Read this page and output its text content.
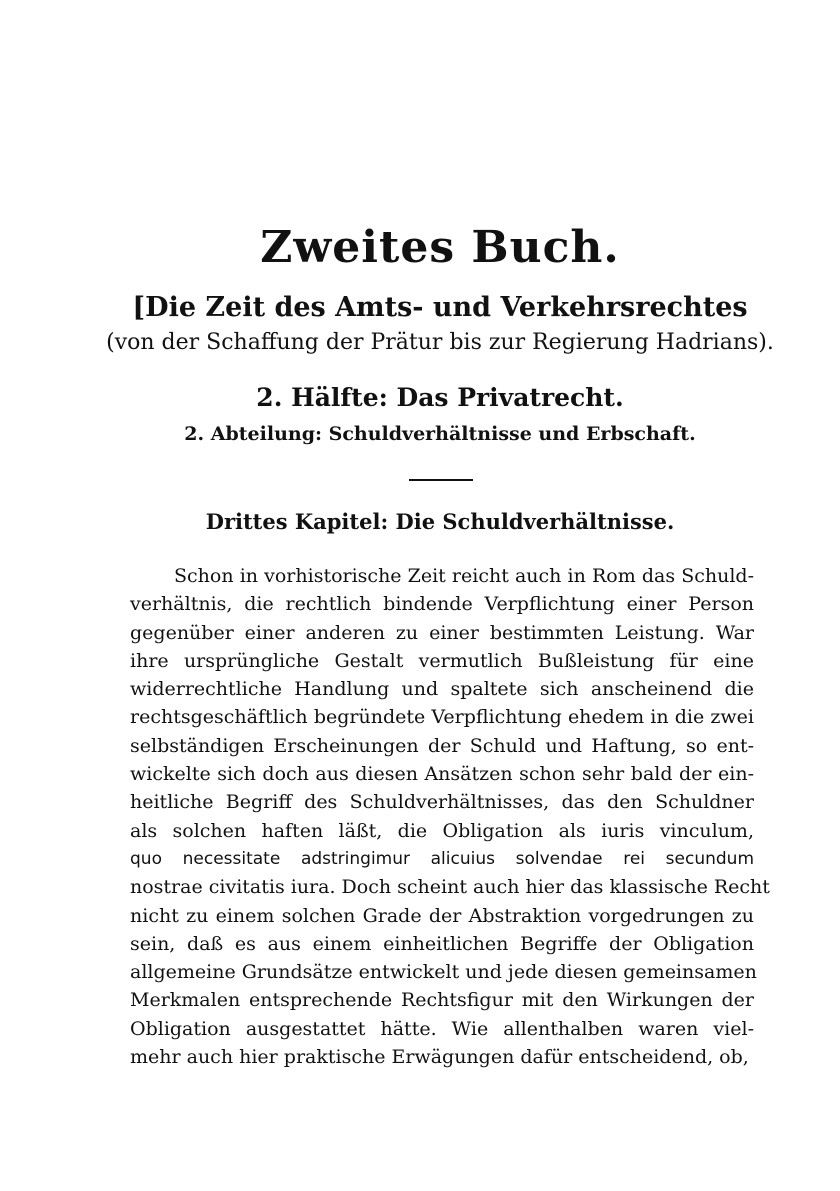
Zweites Buch.
[Die Zeit des Amts- und Verkehrsrechtes
(von der Schaffung der Prätur bis zur Regierung Hadrians).
2. Hälfte: Das Privatrecht.
2. Abteilung: Schuldverhältnisse und Erbschaft.
Drittes Kapitel: Die Schuldverhältnisse.
Schon in vorhistorische Zeit reicht auch in Rom das Schuld-
verhältnis, die rechtlich bindende Verpflichtung einer Person
gegenüber einer anderen zu einer bestimmten Leistung. War
ihre ursprüngliche Gestalt vermutlich Bußleistung für eine
widerrechtliche Handlung und spaltete sich anscheinend die
rechtsgeschäftlich begründete Verpflichtung ehedem in die zwei
selbständigen Erscheinungen der Schuld und Haftung, so ent-
wickelte sich doch aus diesen Ansätzen schon sehr bald der ein-
heitliche Begriff des Schuldverhältnisses, das den Schuldner
als solchen haften läßt, die Obligation als iuris vinculum,
quo necessitate adstringimur alicuius solvendae rei secundum
nostrae civitatis iura. Doch scheint auch hier das klassische Recht
nicht zu einem solchen Grade der Abstraktion vorgedrungen zu
sein, daß es aus einem einheitlichen Begriffe der Obligation
allgemeine Grundsätze entwickelt und jede diesen gemeinsamen
Merkmalen entsprechende Rechtsfigur mit den Wirkungen der
Obligation ausgestattet hätte. Wie allenthalben waren viel-
mehr auch hier praktische Erwägungen dafür entscheidend, ob,
